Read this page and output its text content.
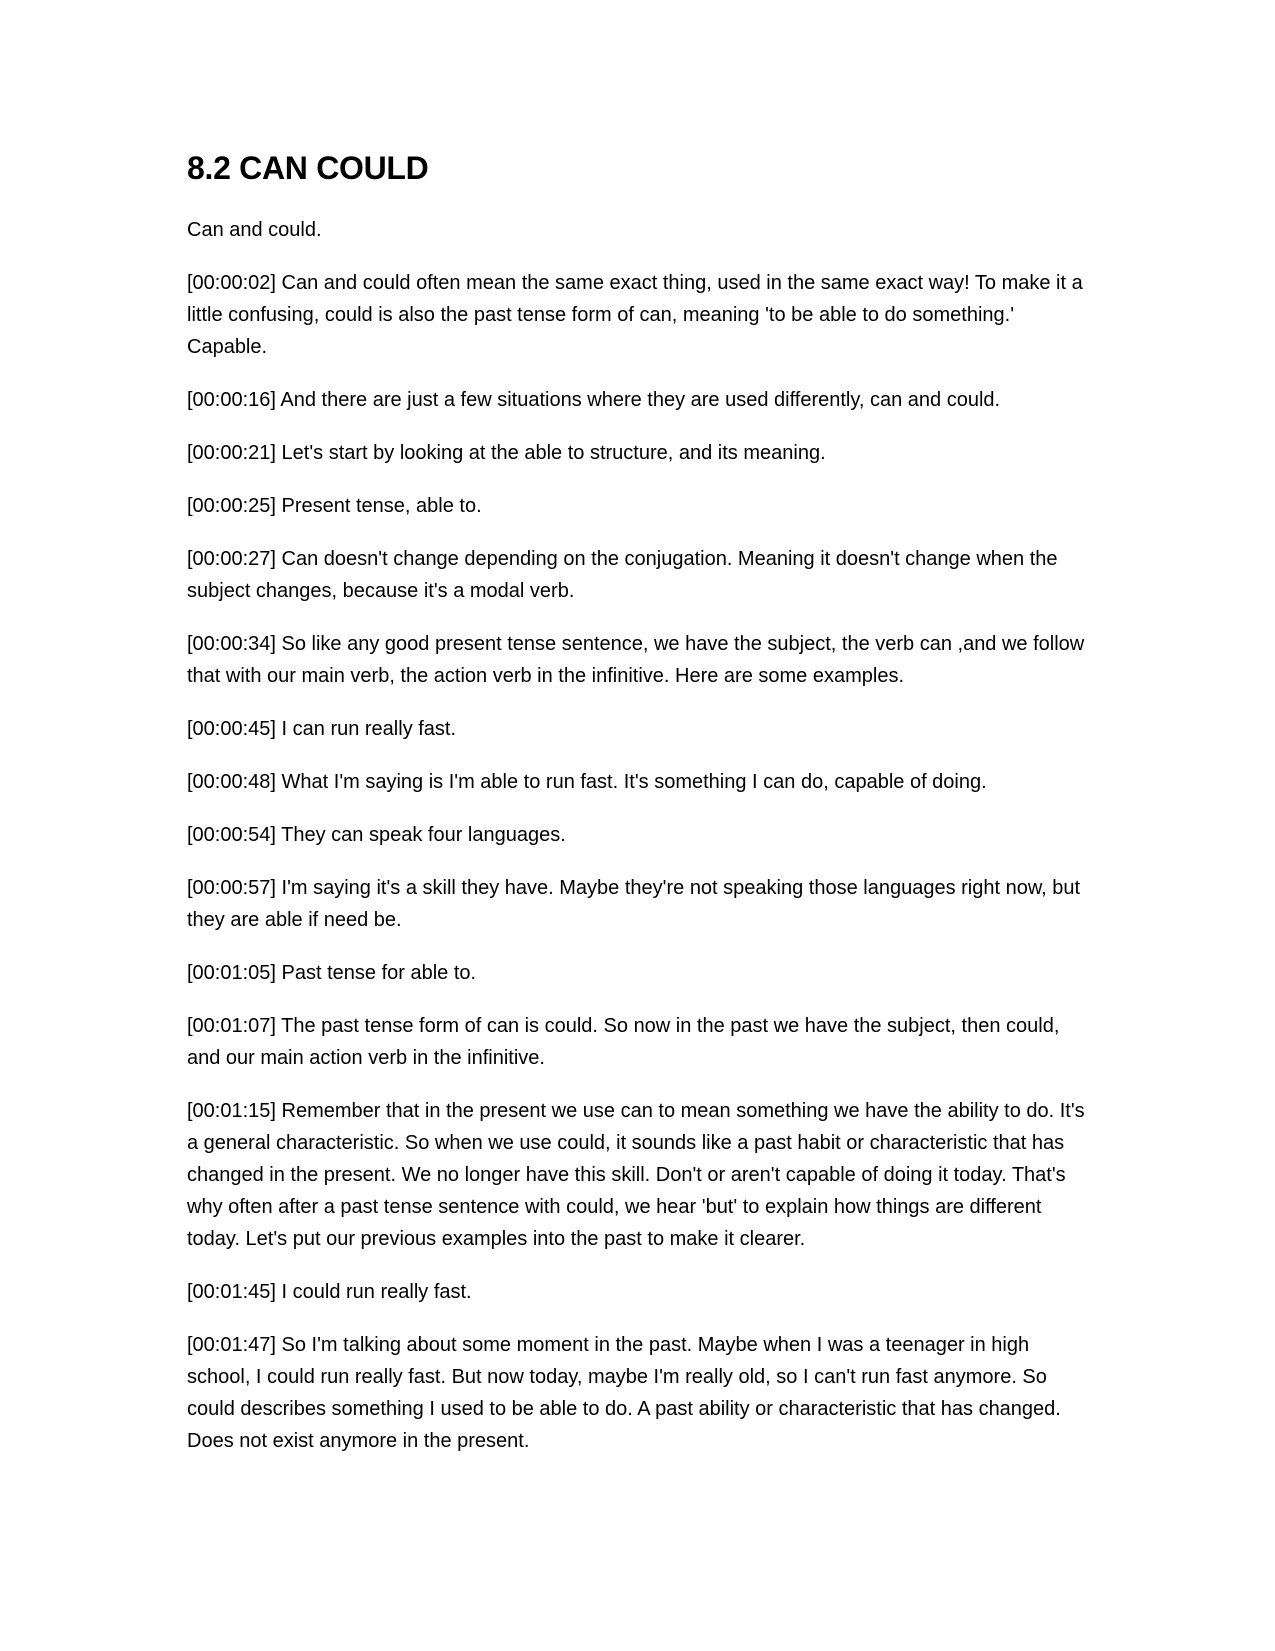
8.2 CAN COULD

Can and could.

[00:00:02] Can and could often mean the same exact thing, used in the same exact way! To make it a little confusing, could is also the past tense form of can, meaning 'to be able to do something.' Capable.

[00:00:16] And there are just a few situations where they are used differently, can and could.

[00:00:21] Let's start by looking at the able to structure, and its meaning.

[00:00:25] Present tense, able to.

[00:00:27] Can doesn't change depending on the conjugation. Meaning it doesn't change when the subject changes, because it's a modal verb.

[00:00:34] So like any good present tense sentence, we have the subject, the verb can ,and we follow that with our main verb, the action verb in the infinitive. Here are some examples.

[00:00:45] I can run really fast.

[00:00:48] What I'm saying is I'm able to run fast. It's something I can do, capable of doing.

[00:00:54] They can speak four languages.

[00:00:57] I'm saying it's a skill they have. Maybe they're not speaking those languages right now, but they are able if need be.

[00:01:05] Past tense for able to.

[00:01:07] The past tense form of can is could. So now in the past we have the subject, then could, and our main action verb in the infinitive.

[00:01:15] Remember that in the present we use can to mean something we have the ability to do. It's a general characteristic. So when we use could, it sounds like a past habit or characteristic that has changed in the present. We no longer have this skill. Don't or aren't capable of doing it today. That's why often after a past tense sentence with could, we hear 'but' to explain how things are different today. Let's put our previous examples into the past to make it clearer.

[00:01:45] I could run really fast.

[00:01:47] So I'm talking about some moment in the past. Maybe when I was a teenager in high school, I could run really fast. But now today, maybe I'm really old, so I can't run fast anymore. So could describes something I used to be able to do. A past ability or characteristic that has changed. Does not exist anymore in the present.
